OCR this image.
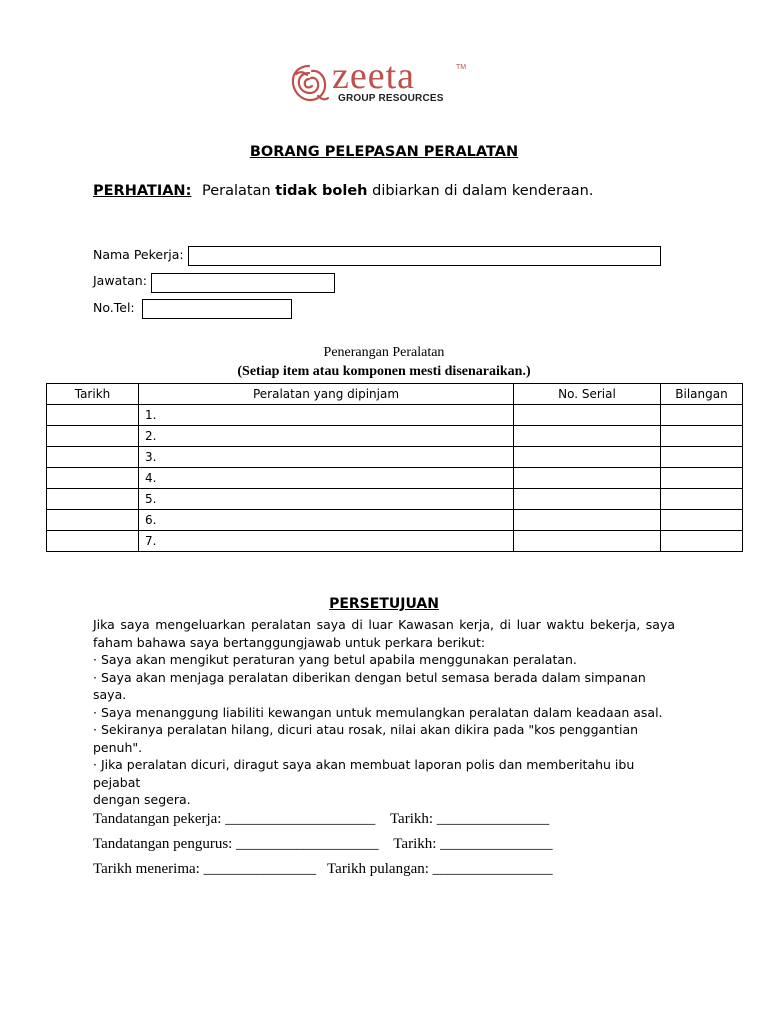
zeeta	TM
GROUP RESOURCES
BORANG PELEPASAN PERALATAN
PERHATIAN: Peralatan tidak boleh dibiarkan di dalam kenderaan.
Nama Pekerja:
Jawatan:
No.Tel:
Penerangan Peralatan
(Setiap item atau komponen mesti disenaraikan.)
Tarikh	Peralatan yang dipinjam	No. Serial	Bilangan
	1.		
	2.		
	3.		
	4.		
	5.		
	6.		
	7.		
PERSETUJUAN

Jika saya mengeluarkan peralatan saya di luar Kawasan kerja, di luar waktu bekerja, saya

faham bahawa saya bertanggungjawab untuk perkara berikut:

· Saya akan mengikut peraturan yang betul apabila menggunakan peralatan.

· Saya akan menjaga peralatan diberikan dengan betul semasa berada dalam simpanan saya.

· Saya menanggung liabiliti kewangan untuk memulangkan peralatan dalam keadaan asal.

· Sekiranya peralatan hilang, dicuri atau rosak, nilai akan dikira pada "kos penggantian penuh".

· Jika peralatan dicuri, diragut saya akan membuat laporan polis dan memberitahu ibu pejabat

dengan segera.

Tandatangan pekerja: ____________________    Tarikh: _______________
Tandatangan pengurus: ___________________    Tarikh: _______________
Tarikh menerima: _______________   Tarikh pulangan: ________________
